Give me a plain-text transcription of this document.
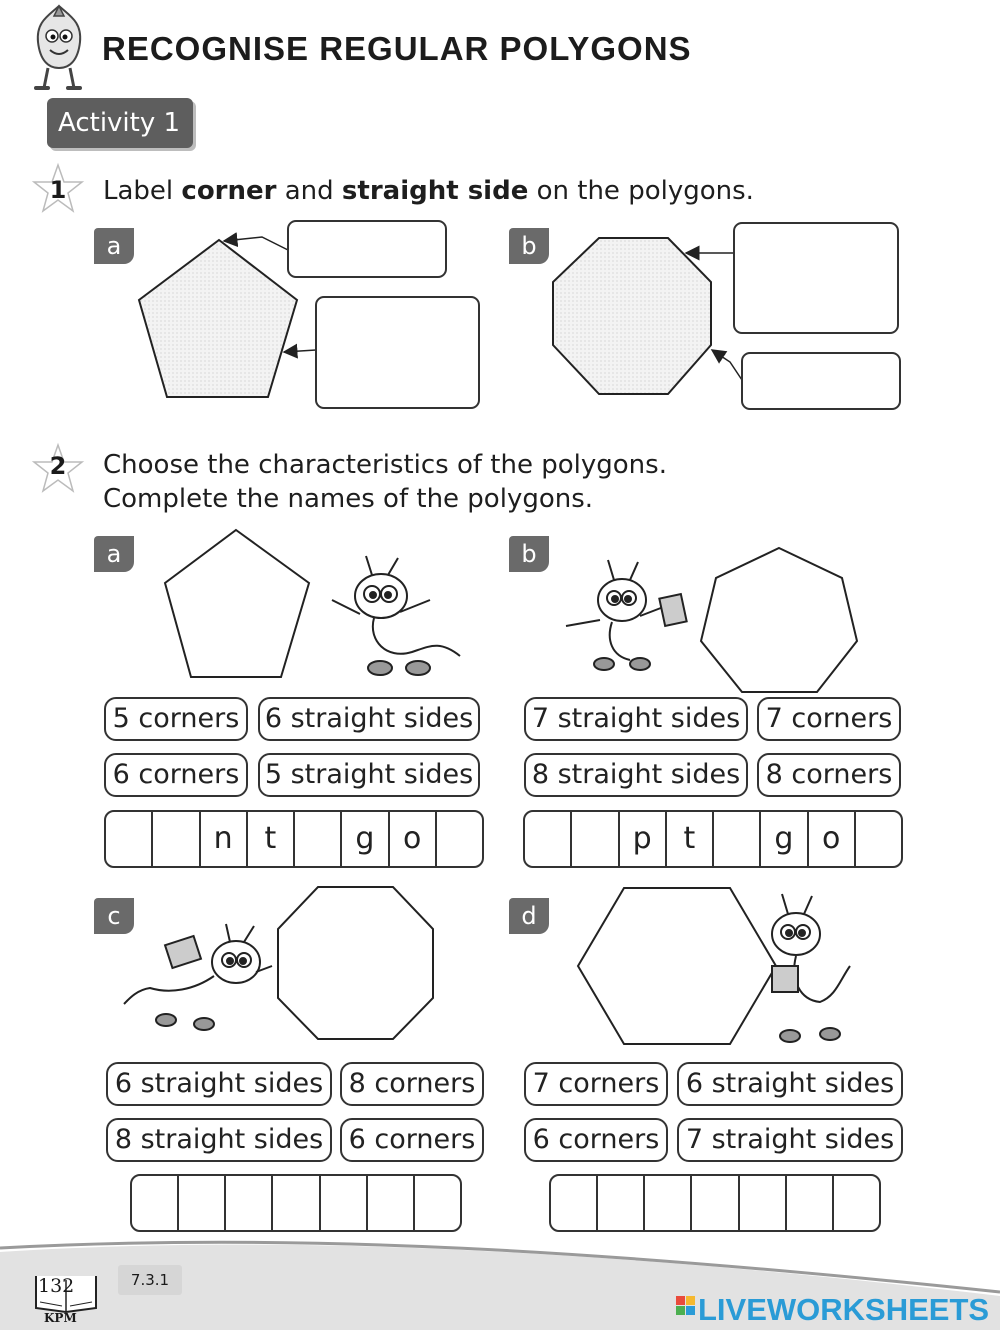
RECOGNISE REGULAR POLYGONS
Activity 1
1 Label corner and straight side on the polygons.
a	b
2 Choose the characteristics of the polygons.
Complete the names of the polygons.
a	b
c	d
5 corners 6 straight sides
6 corners 5 straight sides
n	t	g o
7 straight sides 7 corners
8 straight sides 8 corners
p	t	g o
6 straight sides 8 corners
8 straight sides 6 corners
7 corners 6 straight sides
6 corners 7 straight sides
132
KPM
7.3.1
LIVEWORKSHEETS
